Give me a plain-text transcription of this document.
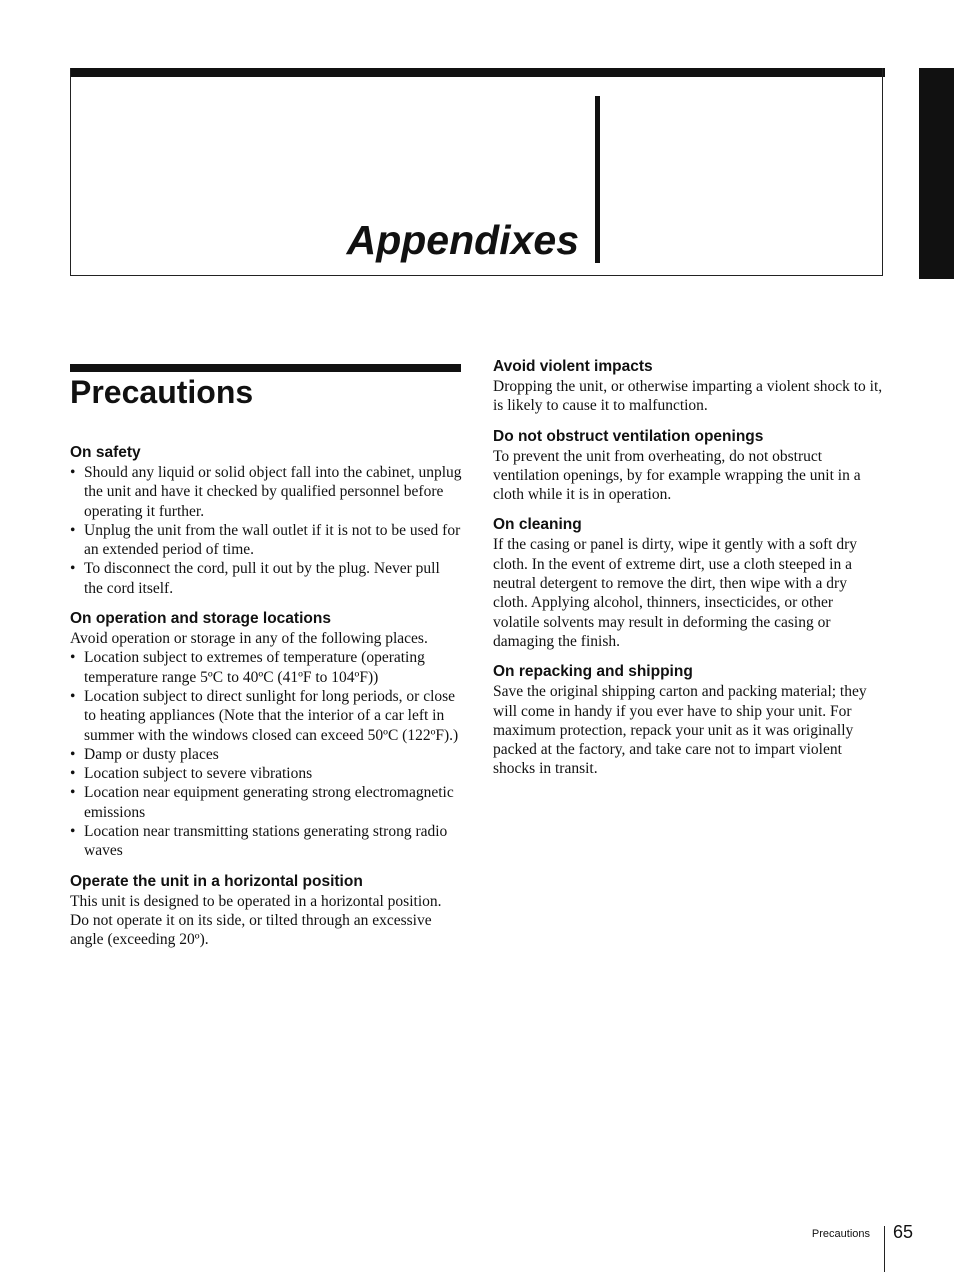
Appendixes
Precautions
On safety
• Should any liquid or solid object fall into the cabinet, unplug the unit and have it checked by qualified personnel before operating it further.
• Unplug the unit from the wall outlet if it is not to be used for an extended period of time.
• To disconnect the cord, pull it out by the plug. Never pull the cord itself.
On operation and storage locations

Avoid operation or storage in any of the following places.

• Location subject to extremes of temperature (operating temperature range 5ºC to 40ºC (41ºF to 104ºF))
• Location subject to direct sunlight for long periods, or close to heating appliances (Note that the interior of a car left in summer with the windows closed can exceed 50ºC (122ºF).)
• Damp or dusty places
• Location subject to severe vibrations
• Location near equipment generating strong electromagnetic emissions
• Location near transmitting stations generating strong radio waves
Operate the unit in a horizontal position

This unit is designed to be operated in a horizontal position. Do not operate it on its side, or tilted through an excessive angle (exceeding 20º).

Avoid violent impacts

Dropping the unit, or otherwise imparting a violent shock to it, is likely to cause it to malfunction.

Do not obstruct ventilation openings

To prevent the unit from overheating, do not obstruct ventilation openings, by for example wrapping the unit in a cloth while it is in operation.

On cleaning

If the casing or panel is dirty, wipe it gently with a soft dry cloth. In the event of extreme dirt, use a cloth steeped in a neutral detergent to remove the dirt, then wipe with a dry cloth. Applying alcohol, thinners, insecticides, or other volatile solvents may result in deforming the casing or damaging the finish.

On repacking and shipping

Save the original shipping carton and packing material; they will come in handy if you ever have to ship your unit. For maximum protection, repack your unit as it was originally packed at the factory, and take care not to impart violent shocks in transit.

Precautions 65
